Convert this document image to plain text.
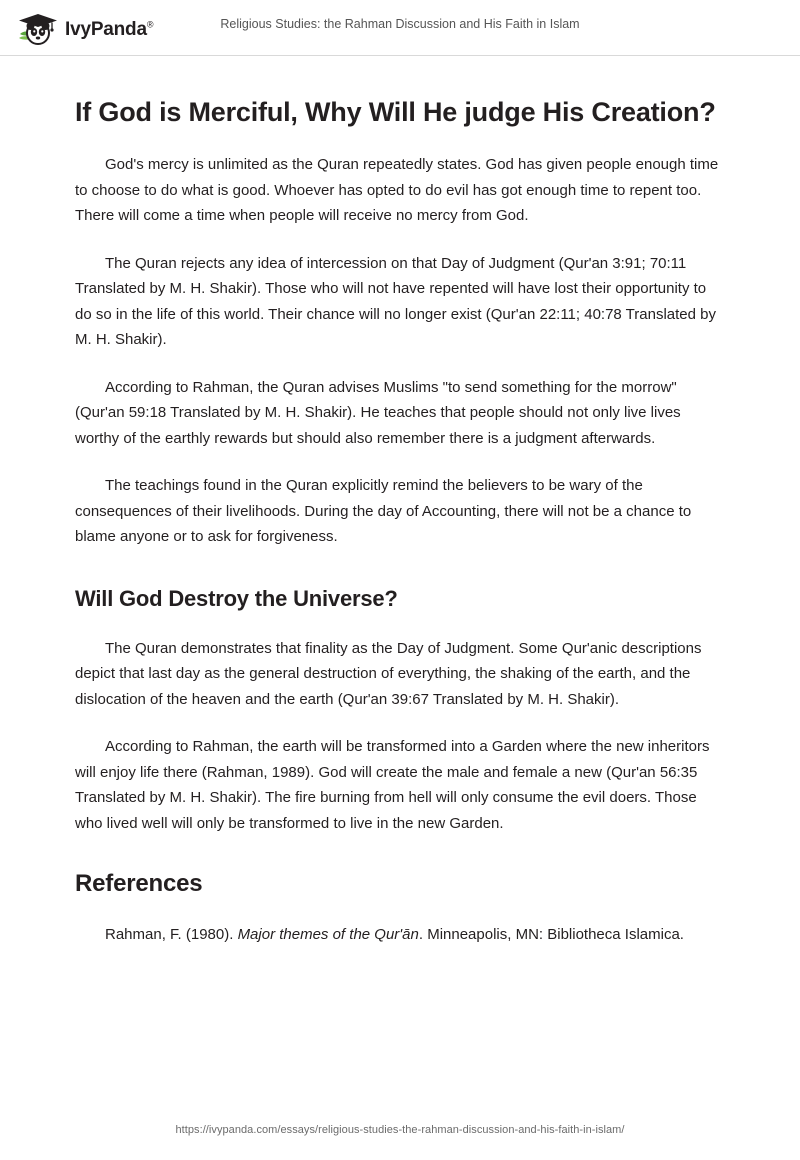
IvyPanda®	Religious Studies: the Rahman Discussion and His Faith in Islam
If God is Merciful, Why Will He judge His Creation?

God's mercy is unlimited as the Quran repeatedly states. God has given people enough time to choose to do what is good. Whoever has opted to do evil has got enough time to repent too. There will come a time when people will receive no mercy from God.

The Quran rejects any idea of intercession on that Day of Judgment (Qur'an 3:91; 70:11 Translated by M. H. Shakir). Those who will not have repented will have lost their opportunity to do so in the life of this world. Their chance will no longer exist (Qur'an 22:11; 40:78 Translated by M. H. Shakir).

According to Rahman, the Quran advises Muslims "to send something for the morrow" (Qur'an 59:18 Translated by M. H. Shakir). He teaches that people should not only live lives worthy of the earthly rewards but should also remember there is a judgment afterwards.

The teachings found in the Quran explicitly remind the believers to be wary of the consequences of their livelihoods. During the day of Accounting, there will not be a chance to blame anyone or to ask for forgiveness.

Will God Destroy the Universe?

The Quran demonstrates that finality as the Day of Judgment. Some Qur'anic descriptions depict that last day as the general destruction of everything, the shaking of the earth, and the dislocation of the heaven and the earth (Qur'an 39:67 Translated by M. H. Shakir).

According to Rahman, the earth will be transformed into a Garden where the new inheritors will enjoy life there (Rahman, 1989). God will create the male and female a new (Qur'an 56:35 Translated by M. H. Shakir). The fire burning from hell will only consume the evil doers. Those who lived well will only be transformed to live in the new Garden.

References

Rahman, F. (1980). Major themes of the Qur'ān. Minneapolis, MN: Bibliotheca Islamica.

https://ivypanda.com/essays/religious-studies-the-rahman-discussion-and-his-faith-in-islam/
